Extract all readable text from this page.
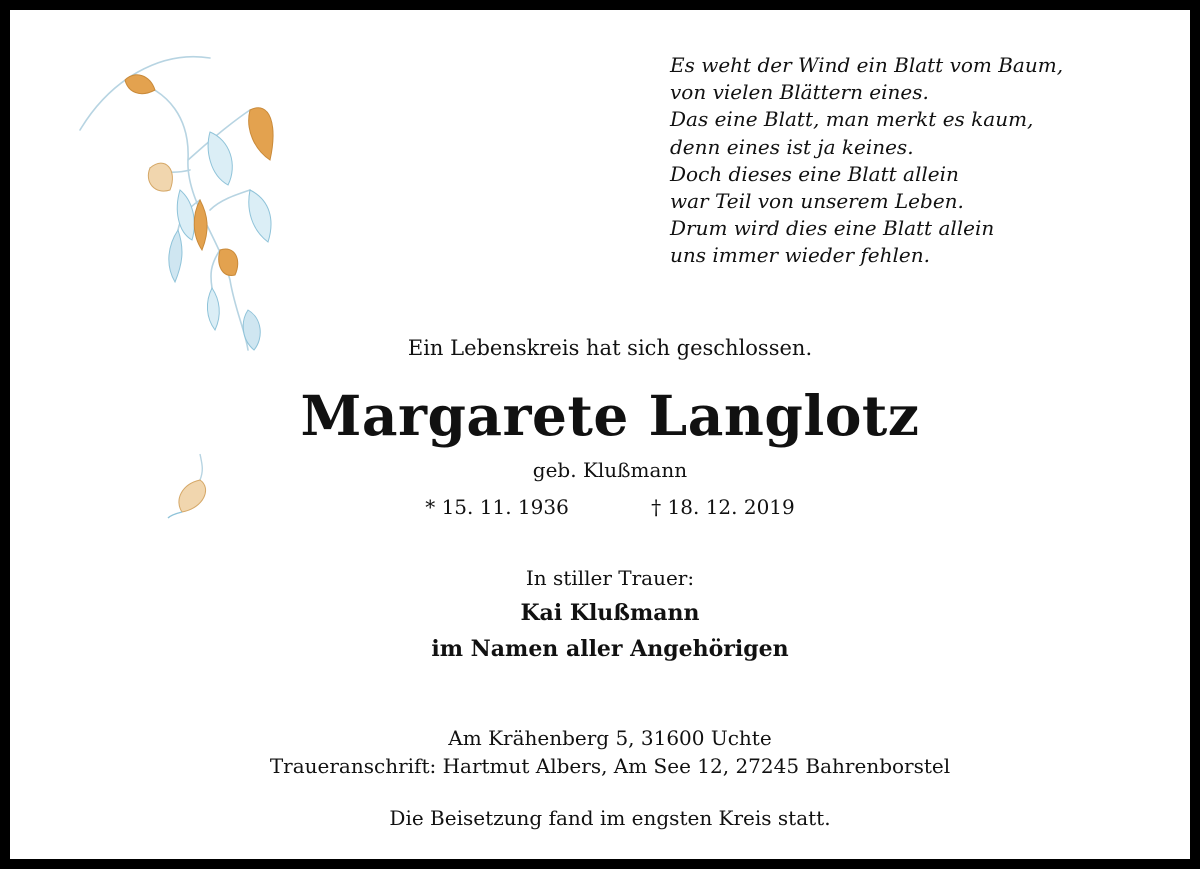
Es weht der Wind ein Blatt vom Baum,
von vielen Blättern eines.
Das eine Blatt, man merkt es kaum,
denn eines ist ja keines.
Doch dieses eine Blatt allein
war Teil von unserem Leben.
Drum wird dies eine Blatt allein
uns immer wieder fehlen.
Ein Lebenskreis hat sich geschlossen.
Margarete Langlotz
geb. Klußmann
* 15. 11. 1936	† 18. 12. 2019
In stiller Trauer:
Kai Klußmann
im Namen aller Angehörigen
Am Krähenberg 5, 31600 Uchte
Traueranschrift: Hartmut Albers, Am See 12, 27245 Bahrenborstel
Die Beisetzung fand im engsten Kreis statt.
